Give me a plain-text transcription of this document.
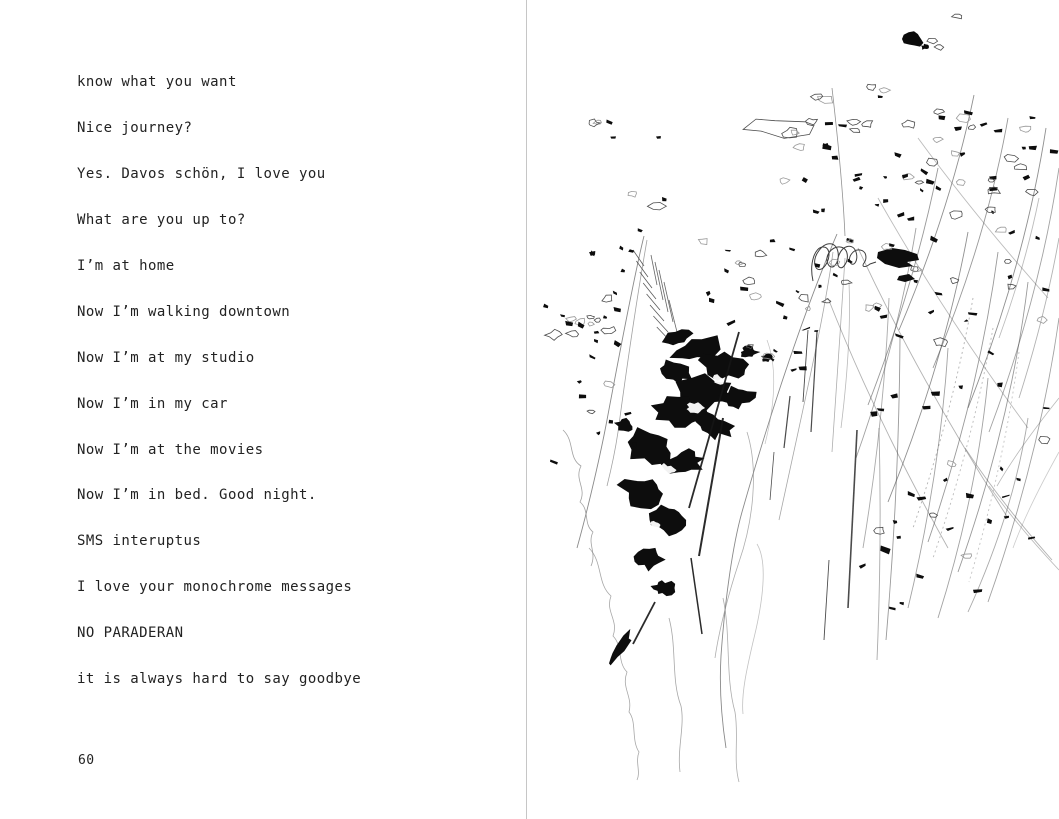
know what you want
Nice journey?
Yes. Davos schön, I love you
What are you up to?
I’m at home
Now I’m walking downtown
Now I’m at my studio
Now I’m in my car
Now I’m at the movies
Now I’m in bed. Good night.
SMS interuptus
I love your monochrome messages
NO PARADERAN
it is always hard to say goodbye
60
